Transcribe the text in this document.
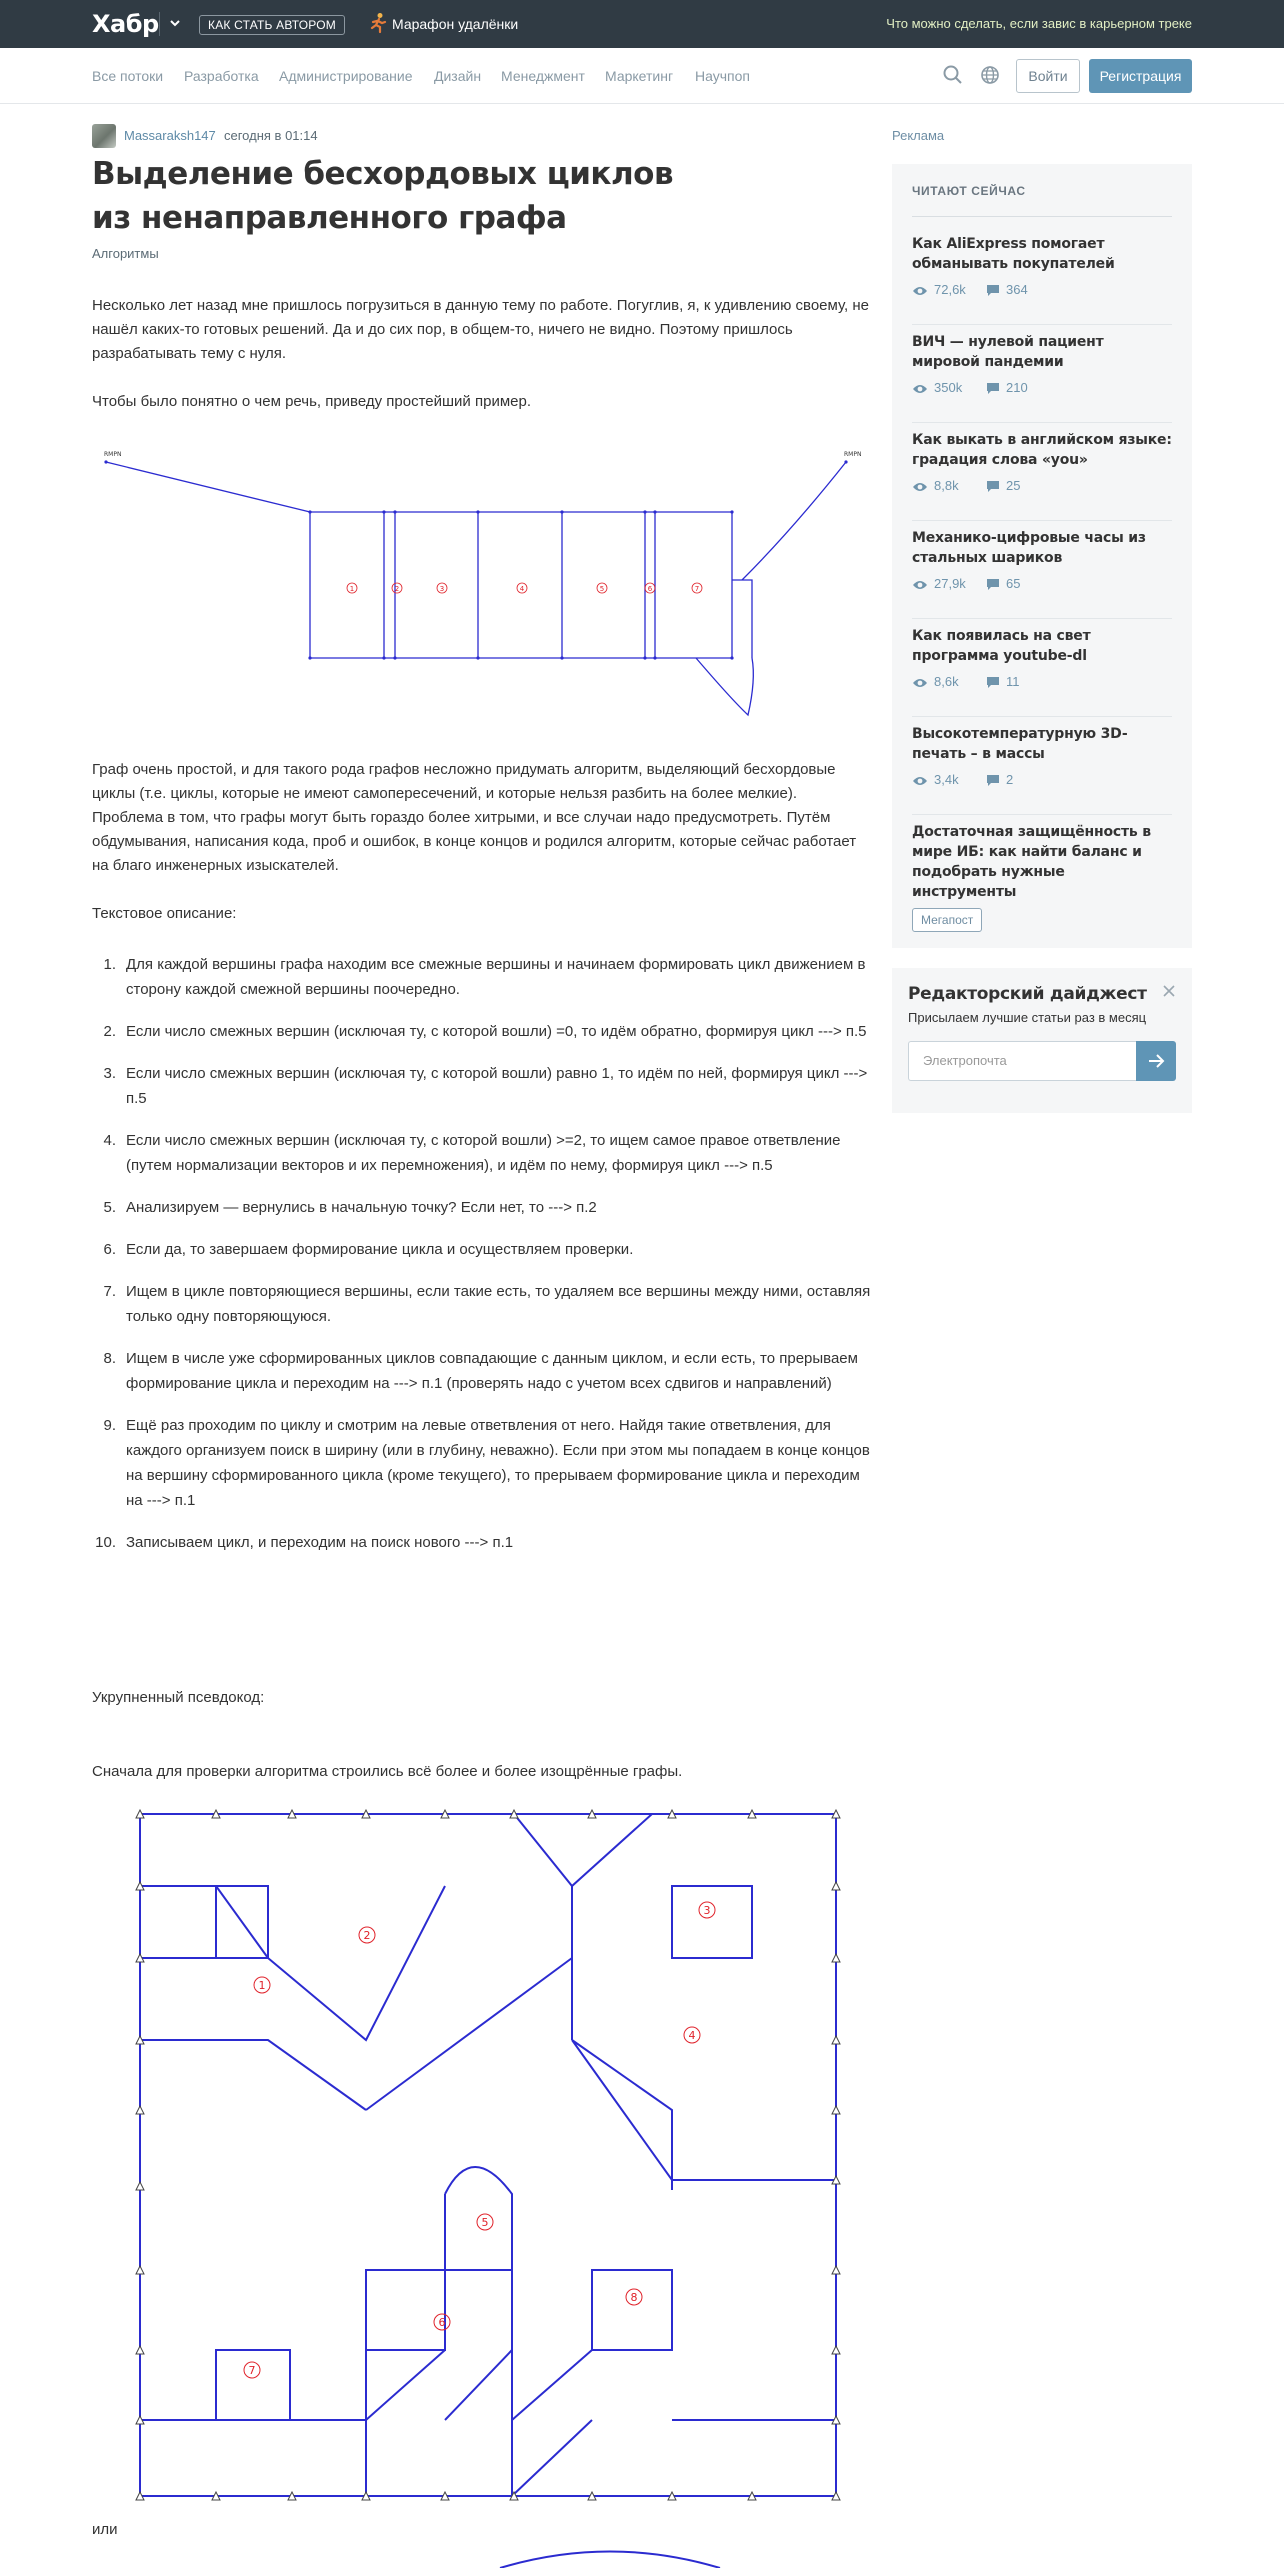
Хабр	КАК СТАТЬ АВТОРОМ	Марафон удалёнки	Что можно сделать, если завис в карьерном треке
Все потоки Разработка Администрирование Дизайн Менеджмент Маркетинг Научпоп	Войти	Регистрация
Massaraksh147 сегодня в 01:14
Выделение бесхордовых циклов из ненаправленного графа
Алгоритмы

Несколько лет назад мне пришлось погрузиться в данную тему по работе. Погуглив, я, к удивлению своему, не нашёл каких-то готовых решений. Да и до сих пор, в общем-то, ничего не видно. Поэтому пришлось разрабатывать тему с нуля.

Чтобы было понятно о чем речь, приведу простейший пример.

RMPN	RMPN
1	2	3	4	5	6	7

Граф очень простой, и для такого рода графов несложно придумать алгоритм, выделяющий бесхордовые циклы (т.е. циклы, которые не имеют самопересечений, и которые нельзя разбить на более мелкие). Проблема в том, что графы могут быть гораздо более хитрыми, и все случаи надо предусмотреть. Путём обдумывания, написания кода, проб и ошибок, в конце концов и родился алгоритм, которые сейчас работает на благо инженерных изыскателей.

Текстовое описание:

Для каждой вершины графа находим все смежные вершины и начинаем формировать цикл движением в сторону каждой смежной вершины поочередно.
Если число смежных вершин (исключая ту, с которой вошли) =0, то идём обратно, формируя цикл ---> п.5
Если число смежных вершин (исключая ту, с которой вошли) равно 1, то идём по ней, формируя цикл ---> п.5
Если число смежных вершин (исключая ту, с которой вошли) >=2, то ищем самое правое ответвление (путем нормализации векторов и их перемножения), и идём по нему, формируя цикл ---> п.5
Анализируем — вернулись в начальную точку? Если нет, то ---> п.2
Если да, то завершаем формирование цикла и осуществляем проверки.
Ищем в цикле повторяющиеся вершины, если такие есть, то удаляем все вершины между ними, оставляя только одну повторяющуюся.
Ищем в числе уже сформированных циклов совпадающие с данным циклом, и если есть, то прерываем формирование цикла и переходим на ---> п.1 (проверять надо с учетом всех сдвигов и направлений)
Ещё раз проходим по циклу и смотрим на левые ответвления от него. Найдя такие ответвления, для каждого организуем поиск в ширину (или в глубину, неважно). Если при этом мы попадаем в конце концов на вершину сформированного цикла (кроме текущего), то прерываем формирование цикла и переходим на ---> п.1
Записываем цикл, и переходим на поиск нового ---> п.1

Укрупненный псевдокод:

Сначала для проверки алгоритма строились всё более и более изощрённые графы.

1
2
3
4
5
6
7
8

или

Реклама
ЧИТАЮТ СЕЙЧАС
Как AliExpress помогает обманывать покупателей
72,6k	364
ВИЧ — нулевой пациент мировой пандемии
350k	210
Как выкать в английском языке: градация слова «you»
8,8k	25
Механико-цифровые часы из стальных шариков
27,9k	65
Как появилась на свет программа youtube-dl
8,6k	11
Высокотемпературную 3D-печать – в массы
3,4k	2
Достаточная защищённость в мире ИБ: как найти баланс и подобрать нужные инструменты
Мегапост
Редакторский дайджест
Присылаем лучшие статьи раз в месяц
Электропочта
